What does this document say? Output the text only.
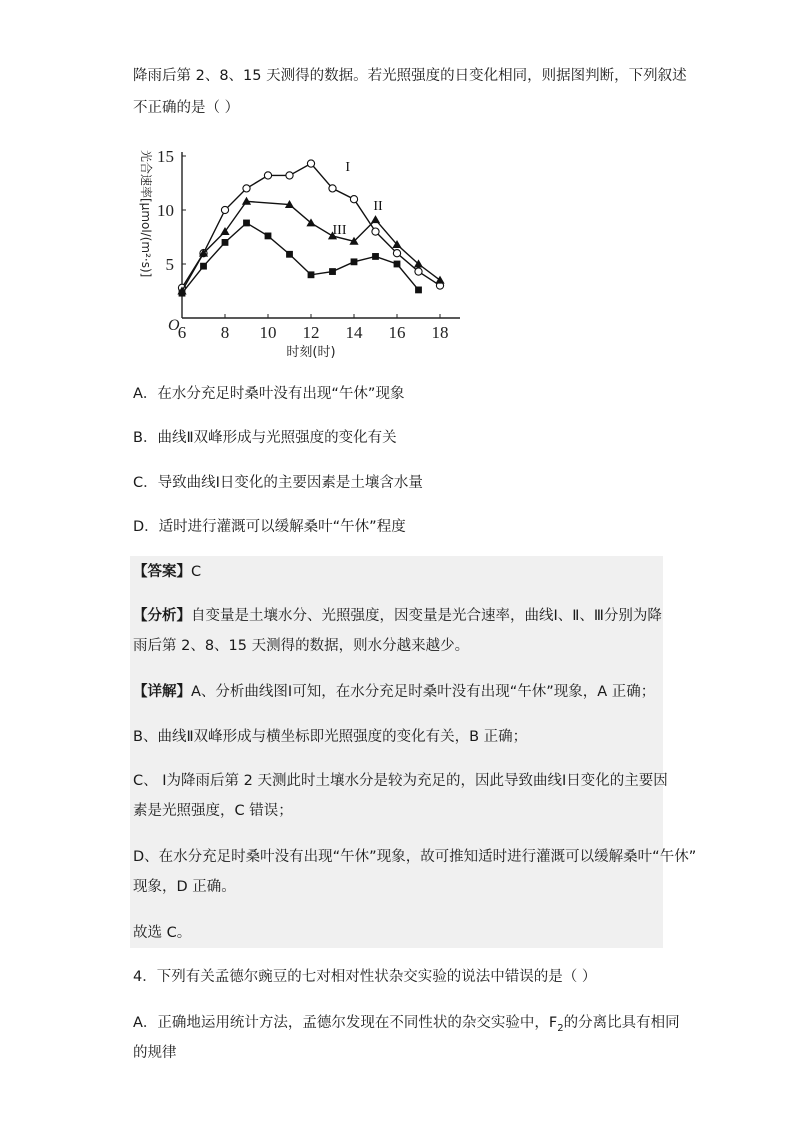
降雨后第 2、8、15 天测得的数据。若光照强度的日变化相同，则据图判断，下列叙述
不正确的是（ ）
6 8 10 12 14 16 18
5
10
15
O
时刻(时)
光合速率[μmol/(m²·s)]	I
II
III
A．在水分充足时桑叶没有出现“午休”现象
B．曲线Ⅱ双峰形成与光照强度的变化有关
C．导致曲线Ⅰ日变化的主要因素是土壤含水量
D．适时进行灌溉可以缓解桑叶“午休”程度
【答案】C
【分析】自变量是土壤水分、光照强度，因变量是光合速率，曲线Ⅰ、Ⅱ、Ⅲ分别为降
雨后第 2、8、15 天测得的数据，则水分越来越少。
【详解】A、分析曲线图Ⅰ可知，在水分充足时桑叶没有出现“午休”现象，A 正确；
B、曲线Ⅱ双峰形成与横坐标即光照强度的变化有关，B 正确；
C、 Ⅰ为降雨后第 2 天测此时土壤水分是较为充足的，因此导致曲线Ⅰ日变化的主要因
素是光照强度，C 错误；
D、在水分充足时桑叶没有出现“午休”现象，故可推知适时进行灌溉可以缓解桑叶“午休”
现象，D 正确。
故选 C。
4．下列有关孟德尔豌豆的七对相对性状杂交实验的说法中错误的是（ ）
A．正确地运用统计方法，孟德尔发现在不同性状的杂交实验中，$F_2$的分离比具有相同
的规律
